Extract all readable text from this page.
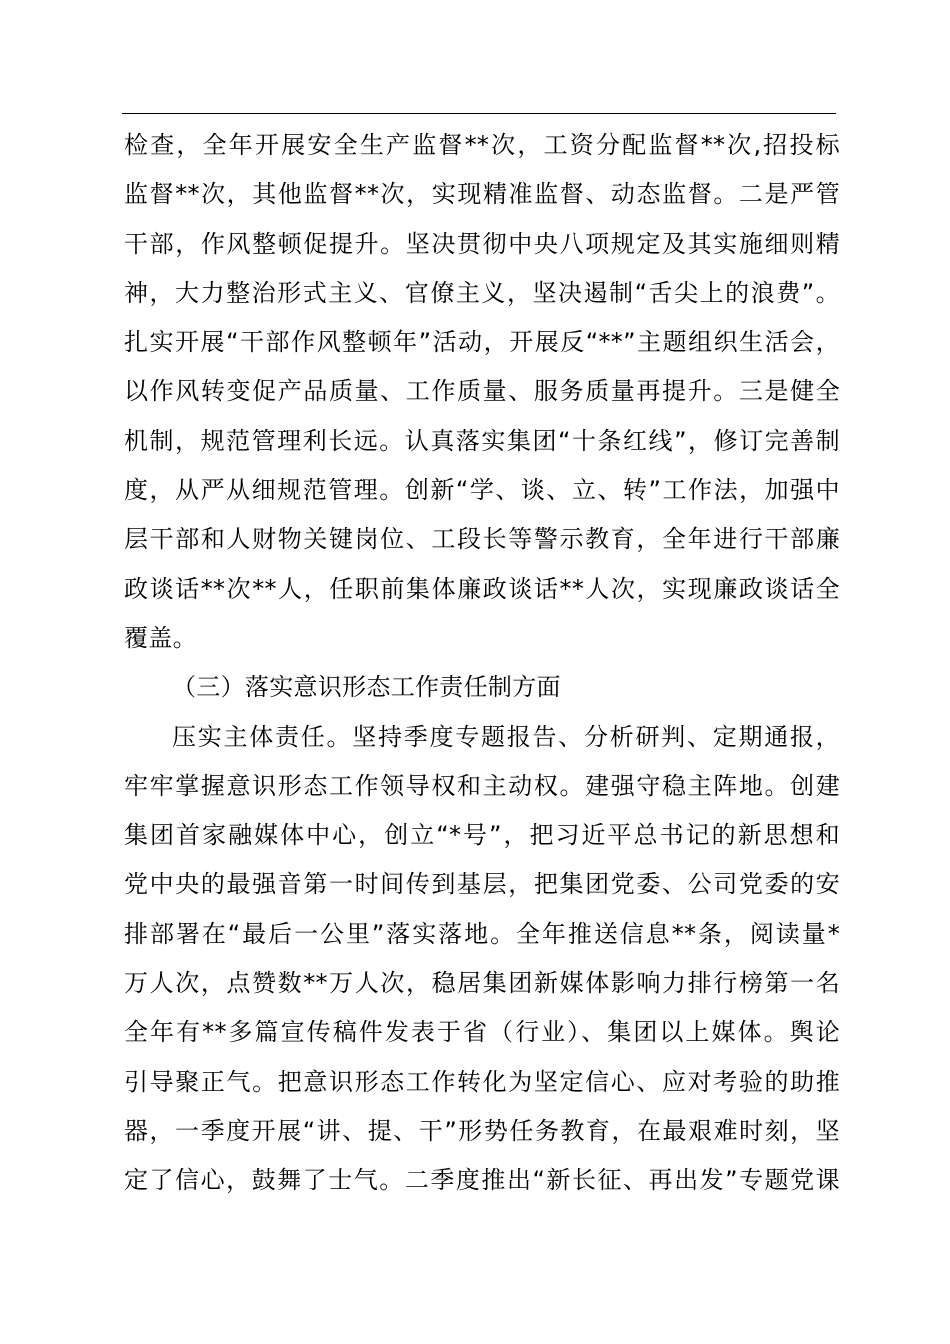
检查，全年开展安全生产监督**次，工资分配监督**次,招投标
监督**次，其他监督**次，实现精准监督、动态监督。二是严管
干部，作风整顿促提升。坚决贯彻中央八项规定及其实施细则精
神，大力整治形式主义、官僚主义，坚决遏制“舌尖上的浪费”。
扎实开展“干部作风整顿年”活动，开展反“**”主题组织生活会，
以作风转变促产品质量、工作质量、服务质量再提升。三是健全
机制，规范管理利长远。认真落实集团“十条红线”，修订完善制
度，从严从细规范管理。创新“学、谈、立、转”工作法，加强中
层干部和人财物关键岗位、工段长等警示教育，全年进行干部廉
政谈话**次**人，任职前集体廉政谈话**人次，实现廉政谈话全
覆盖。
（三）落实意识形态工作责任制方面
压实主体责任。坚持季度专题报告、分析研判、定期通报，
牢牢掌握意识形态工作领导权和主动权。建强守稳主阵地。创建
集团首家融媒体中心，创立“*号”，把习近平总书记的新思想和
党中央的最强音第一时间传到基层，把集团党委、公司党委的安
排部署在“最后一公里”落实落地。全年推送信息**条，阅读量*
万人次，点赞数**万人次，稳居集团新媒体影响力排行榜第一名
全年有**多篇宣传稿件发表于省（行业）、集团以上媒体。舆论
引导聚正气。把意识形态工作转化为坚定信心、应对考验的助推
器，一季度开展“讲、提、干”形势任务教育，在最艰难时刻，坚
定了信心，鼓舞了士气。二季度推出“新长征、再出发”专题党课
